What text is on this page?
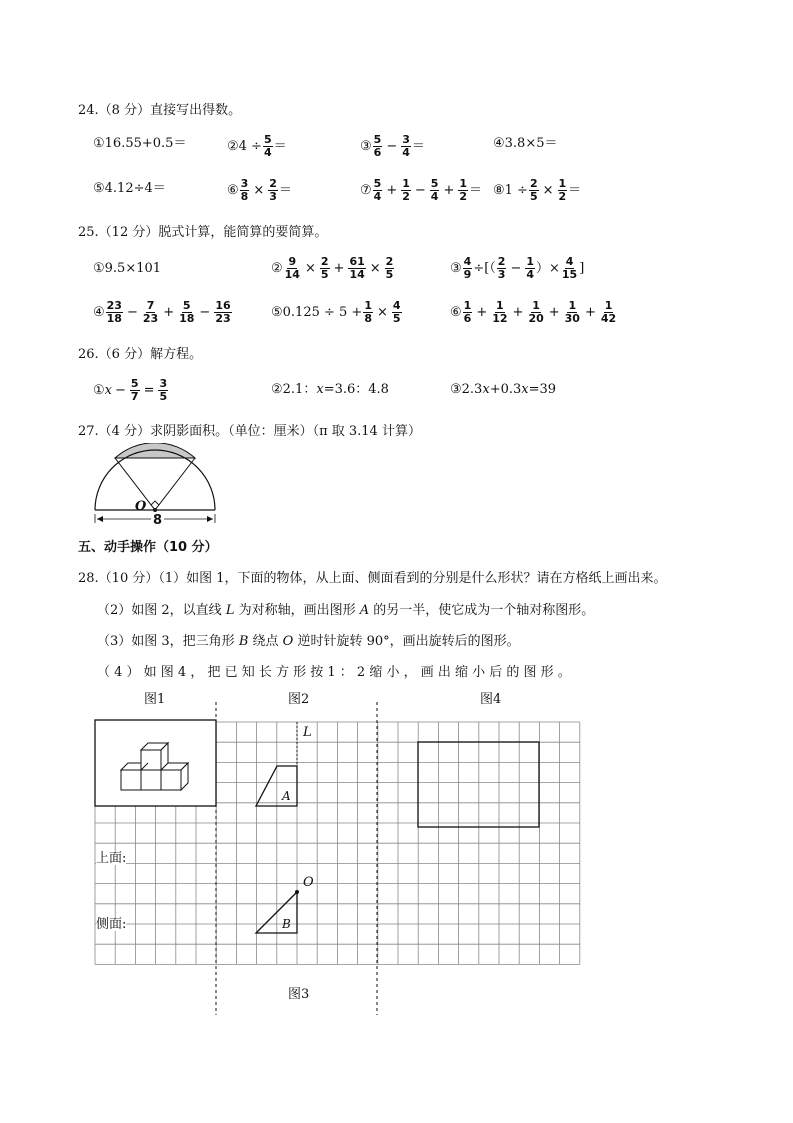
24.（8 分）直接写出得数。
①16.55+0.5＝	②4 ÷ $\frac{5}{4}$ ＝	③ 5
$6 - \frac{3}{4}$ ＝	④3.8×5＝
⑤4.12÷4＝	⑥ $\frac{3}{8} \times \frac{2}{3}$ ＝	⑦ 5
$4 + \frac{1}{2} - \frac{5}{4} + \frac{1}{2}$ ＝ ⑧1 ÷ $\frac{2}{5} \times \frac{1}{2}$ ＝
25.（12 分）脱式计算，能简算的要简算。
①9.5×101	② $\frac{9}{14} \times \frac{2}{5} + \frac{61}{14} \times \frac{2}{5}$	③ $\frac{4}{9}$ ÷[（ 2
$3 - \frac{1}{4}$ ）× $\frac{4}{15}$ ]
④ 23
$18 - \frac{7}{23} + \frac{5}{18} - \frac{16}{23}$	⑤0.125 ÷ $5 + \frac{1}{8} \times \frac{4}{5}$	⑥ 1
$6 + \frac{1}{12} + \frac{1}{20} + \frac{1}{30} + \frac{1}{42}$
26.（6 分）解方程。
① $x - \frac{5}{7} = \frac{3}{5}$	②2.1： x =3.6：4.8	③2.3 x +0.3 x =39
27.（4 分）求阴影面积。（单位：厘米）（π 取 3.14 计算）
O
8
五、动手操作（10 分）
28.（10 分）（1）如图 1，下面的物体，从上面、侧面看到的分别是什么形状？请在方格纸上画出来。
（2）如图 2，以直线 L 为对称轴，画出图形 A 的另一半，使它成为一个轴对称图形。
（3）如图 3，把三角形 B 绕点 O 逆时针旋转 90°，画出旋转后的图形。
（ 4 ） 如 图 4 ， 把 已 知 长 方 形 按 1 ： 2 缩 小 ， 画 出 缩 小 后 的 图 形 。
图1	图2	图4
L
A
O
B
上面:
侧面:
图3
